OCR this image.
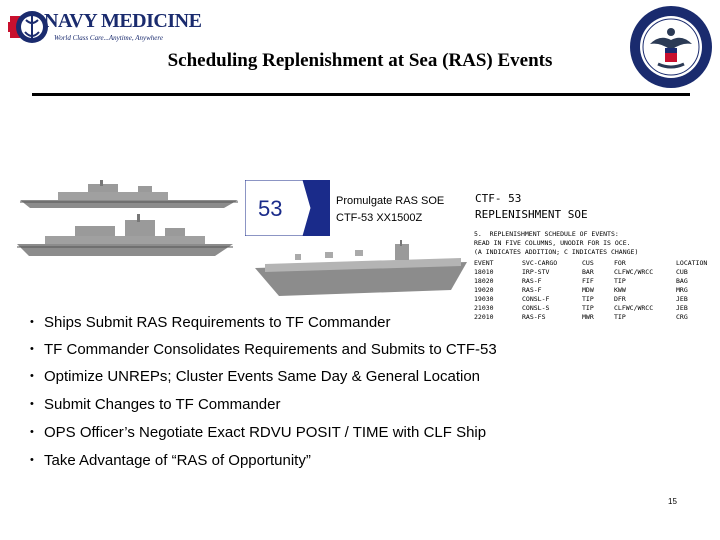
NAVY MEDICINE
World Class Care...Anytime, Anywhere
Scheduling Replenishment at Sea (RAS) Events
53	Promulgate RAS SOE
CTF-53 XX1500Z
CTF- 53
REPLENISHMENT SOE
5.  REPLENISHMENT SCHEDULE OF EVENTS:
READ IN FIVE COLUMNS, UNODIR FOR IS OCE.
(A INDICATES ADDITION; C INDICATES CHANGE)
EVENT	SVC-CARGO	CUS	FOR	LOCATION
18010	IRP-STV	BAR	CLFWC/WRCC	CUB
18020	RAS-F	FIF	TIP	BAG
19020	RAS-F	MDW	KWW	MRG
19030	CONSL-F	TIP	DFR	JEB
21030	CONSL-S	TIP	CLFWC/WRCC	JEB
22010	RAS-FS	MWR	TIP	CRG
• Ships Submit RAS Requirements to TF Commander
• TF Commander Consolidates Requirements and Submits to CTF-53
• Optimize UNREPs; Cluster Events Same Day & General Location
• Submit Changes to TF Commander
• OPS Officer’s Negotiate Exact RDVU POSIT / TIME with CLF Ship
• Take Advantage of “RAS of Opportunity”
15
